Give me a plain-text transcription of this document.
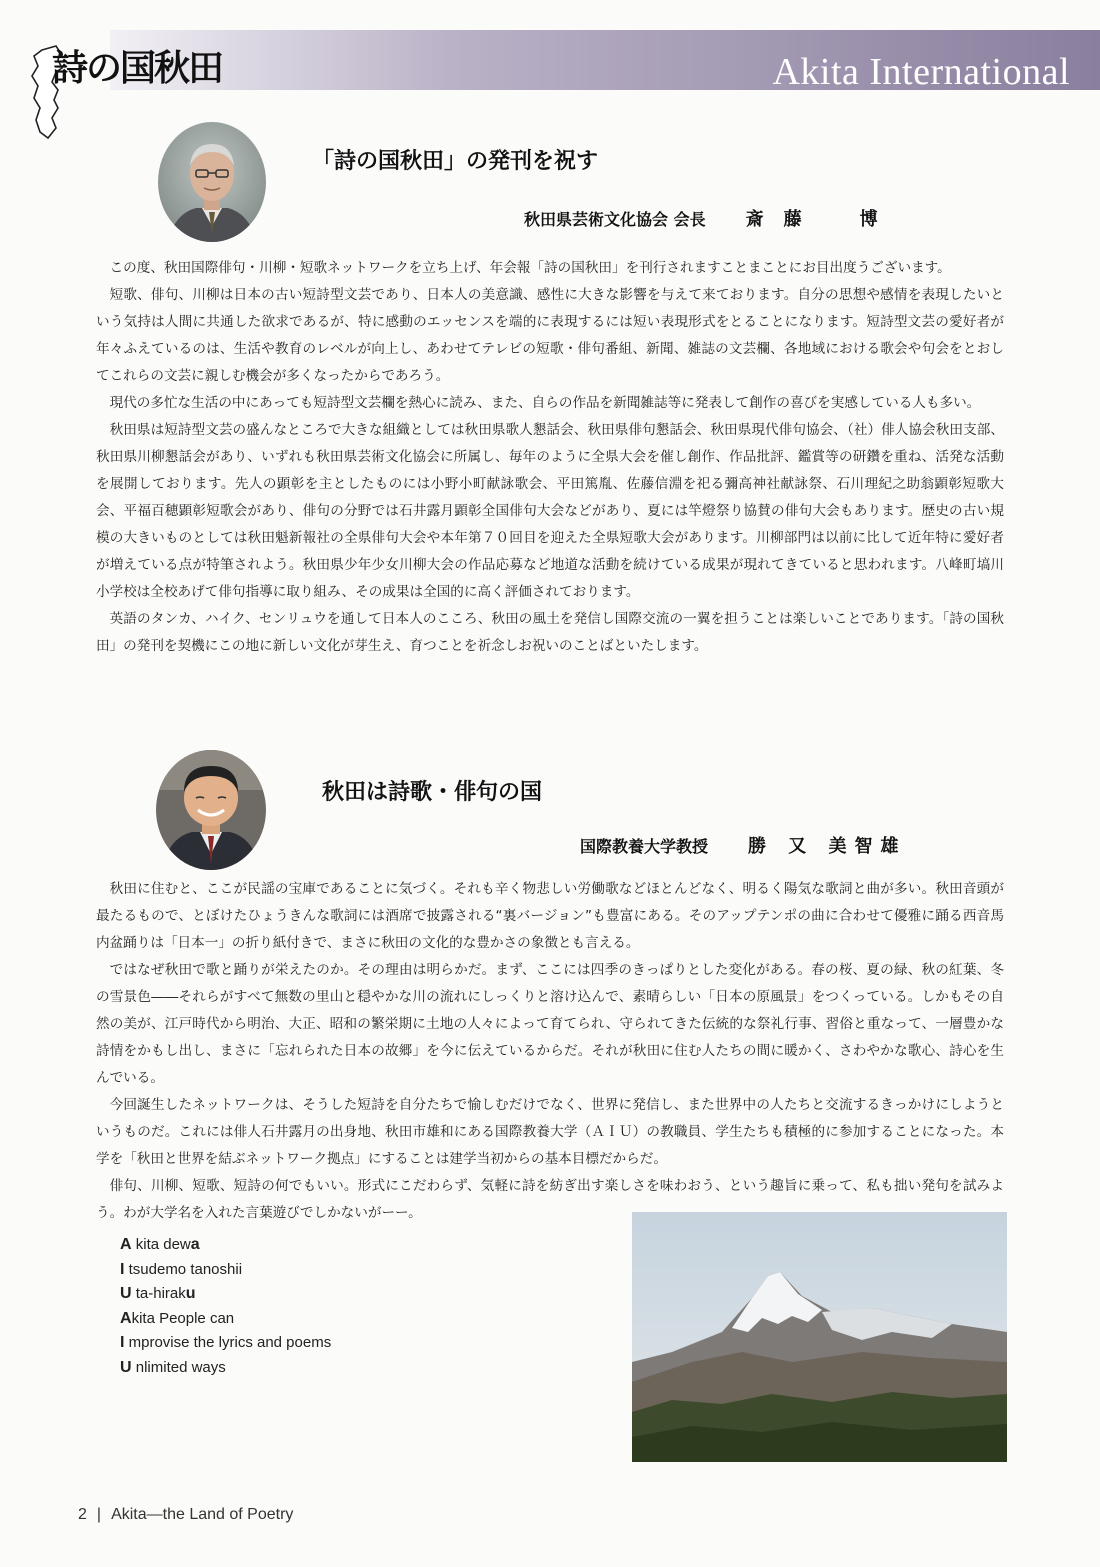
Akita International
詩の国秋田
「詩の国秋田」の発刊を祝す
秋田県芸術文化協会 会長 斎藤　博

この度、秋田国際俳句・川柳・短歌ネットワークを立ち上げ、年会報「詩の国秋田」を刊行されますことまことにお目出度うございます。

短歌、俳句、川柳は日本の古い短詩型文芸であり、日本人の美意識、感性に大きな影響を与えて来ております。自分の思想や感情を表現したいという気持は人間に共通した欲求であるが、特に感動のエッセンスを端的に表現するには短い表現形式をとることになります。短詩型文芸の愛好者が年々ふえているのは、生活や教育のレベルが向上し、あわせてテレビの短歌・俳句番組、新聞、雑誌の文芸欄、各地域における歌会や句会をとおしてこれらの文芸に親しむ機会が多くなったからであろう。

現代の多忙な生活の中にあっても短詩型文芸欄を熱心に読み、また、自らの作品を新聞雑誌等に発表して創作の喜びを実感している人も多い。

秋田県は短詩型文芸の盛んなところで大きな組織としては秋田県歌人懇話会、秋田県俳句懇話会、秋田県現代俳句協会、（社）俳人協会秋田支部、秋田県川柳懇話会があり、いずれも秋田県芸術文化協会に所属し、毎年のように全県大会を催し創作、作品批評、鑑賞等の研鑽を重ね、活発な活動を展開しております。先人の顕彰を主としたものには小野小町献詠歌会、平田篤胤、佐藤信淵を祀る彌高神社献詠祭、石川理紀之助翁顕彰短歌大会、平福百穂顕彰短歌会があり、俳句の分野では石井露月顕彰全国俳句大会などがあり、夏には竿燈祭り協賛の俳句大会もあります。歴史の古い規模の大きいものとしては秋田魁新報社の全県俳句大会や本年第７０回目を迎えた全県短歌大会があります。川柳部門は以前に比して近年特に愛好者が増えている点が特筆されよう。秋田県少年少女川柳大会の作品応募など地道な活動を続けている成果が現れてきていると思われます。八峰町塙川小学校は全校あげて俳句指導に取り組み、その成果は全国的に高く評価されております。

英語のタンカ、ハイク、センリュウを通して日本人のこころ、秋田の風土を発信し国際交流の一翼を担うことは楽しいことであります。「詩の国秋田」の発刊を契機にこの地に新しい文化が芽生え、育つことを祈念しお祝いのことばといたします。

秋田は詩歌・俳句の国
国際教養大学教授 勝 又 美智雄

秋田に住むと、ここが民謡の宝庫であることに気づく。それも辛く物悲しい労働歌などほとんどなく、明るく陽気な歌詞と曲が多い。秋田音頭が最たるもので、とぼけたひょうきんな歌詞には酒席で披露される“裏バージョン”も豊富にある。そのアップテンポの曲に合わせて優雅に踊る西音馬内盆踊りは「日本一」の折り紙付きで、まさに秋田の文化的な豊かさの象徴とも言える。

ではなぜ秋田で歌と踊りが栄えたのか。その理由は明らかだ。まず、ここには四季のきっぱりとした変化がある。春の桜、夏の緑、秋の紅葉、冬の雪景色――それらがすべて無数の里山と穏やかな川の流れにしっくりと溶け込んで、素晴らしい「日本の原風景」をつくっている。しかもその自然の美が、江戸時代から明治、大正、昭和の繁栄期に土地の人々によって育てられ、守られてきた伝統的な祭礼行事、習俗と重なって、一層豊かな詩情をかもし出し、まさに「忘れられた日本の故郷」を今に伝えているからだ。それが秋田に住む人たちの間に暖かく、さわやかな歌心、詩心を生んでいる。

今回誕生したネットワークは、そうした短詩を自分たちで愉しむだけでなく、世界に発信し、また世界中の人たちと交流するきっかけにしようというものだ。これには俳人石井露月の出身地、秋田市雄和にある国際教養大学（ＡＩＵ）の教職員、学生たちも積極的に参加することになった。本学を「秋田と世界を結ぶネットワーク拠点」にすることは建学当初からの基本目標だからだ。

俳句、川柳、短歌、短詩の何でもいい。形式にこだわらず、気軽に詩を紡ぎ出す楽しさを味わおう、という趣旨に乗って、私も拙い発句を試みよう。わが大学名を入れた言葉遊びでしかないがーー。

A kita dewa
I tsudemo tanoshii
U ta-hiraku
Akita People can
I mprovise the lyrics and poems
U nlimited ways
2 | Akita—the Land of Poetry
